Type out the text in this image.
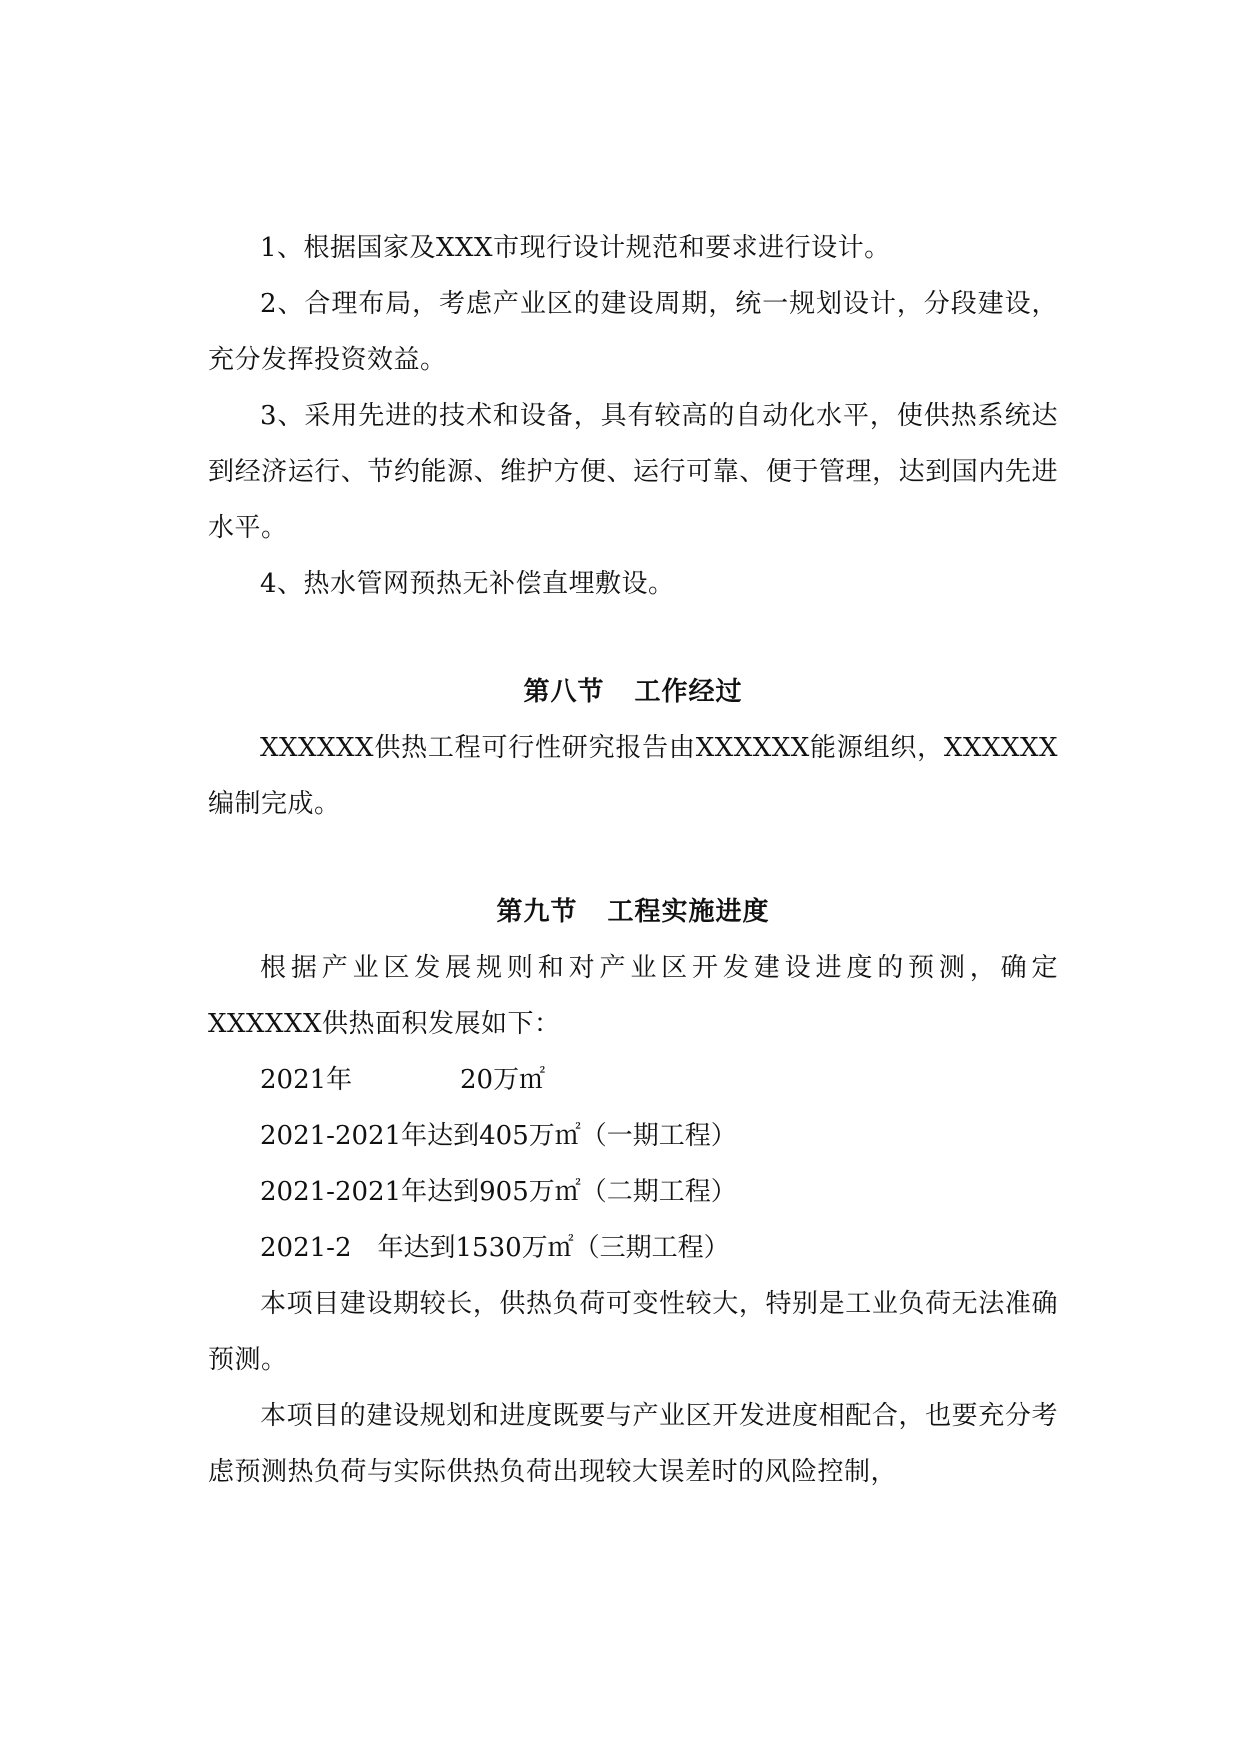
1、根据国家及XXX市现行设计规范和要求进行设计。

2、合理布局，考虑产业区的建设周期，统一规划设计，分段建设，充分发挥投资效益。

3、采用先进的技术和设备，具有较高的自动化水平，使供热系统达到经济运行、节约能源、维护方便、运行可靠、便于管理，达到国内先进水平。

4、热水管网预热无补偿直埋敷设。

第八节 工作经过

XXXXXX供热工程可行性研究报告由XXXXXX能源组织，XXXXXX编制完成。

第九节 工程实施进度

根据产业区发展规则和对产业区开发建设进度的预测，确定XXXXXX供热面积发展如下：

2021年	20万㎡

2021-2021年达到405万㎡（一期工程）

2021-2021年达到905万㎡（二期工程）

2021-2　年达到1530万㎡（三期工程）

本项目建设期较长，供热负荷可变性较大，特别是工业负荷无法准确预测。

本项目的建设规划和进度既要与产业区开发进度相配合，也要充分考虑预测热负荷与实际供热负荷出现较大误差时的风险控制，
